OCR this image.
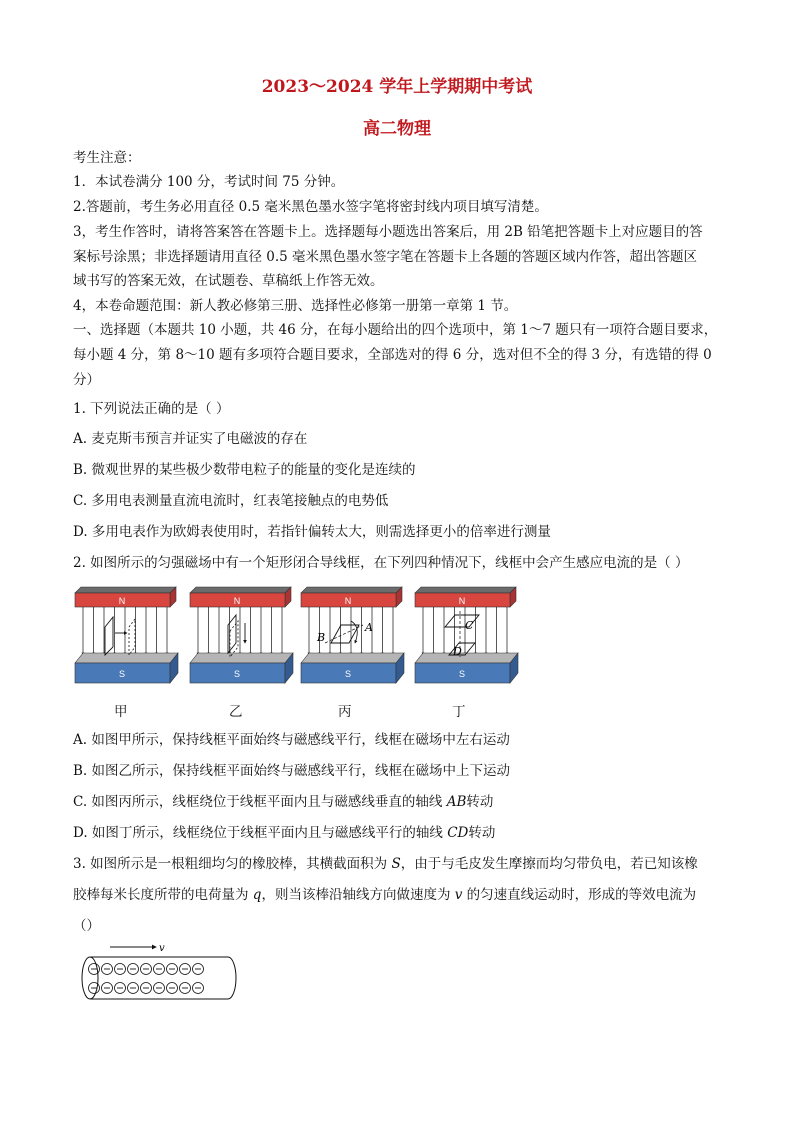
2023～2024 学年上学期期中考试
高二物理
考生注意：
1．本试卷满分 100 分，考试时间 75 分钟。
2.答题前，考生务必用直径 0.5 毫米黑色墨水签字笔将密封线内项目填写清楚。
3，考生作答时，请将答案答在答题卡上。选择题每小题选出答案后，用 2B 铅笔把答题卡上对应题目的答
案标号涂黑；非选择题请用直径 0.5 毫米黑色墨水签字笔在答题卡上各题的答题区域内作答，超出答题区
域书写的答案无效，在试题卷、草稿纸上作答无效。
4，本卷命题范围：新人教必修第三册、选择性必修第一册第一章第 1 节。
一、选择题（本题共 10 小题，共 46 分，在每小题给出的四个选项中，第 1～7 题只有一项符合题目要求，
每小题 4 分，第 8～10 题有多项符合题目要求，全部选对的得 6 分，选对但不全的得 3 分，有选错的得 0
分）
1. 下列说法正确的是（ ）
A. 麦克斯韦预言并证实了电磁波的存在
B. 微观世界的某些极少数带电粒子的能量的变化是连续的
C. 多用电表测量直流电流时，红表笔接触点的电势低
D. 多用电表作为欧姆表使用时，若指针偏转太大，则需选择更小的倍率进行测量
2. 如图所示的匀强磁场中有一个矩形闭合导线框，在下列四种情况下，线框中会产生感应电流的是（ ）
N
S
N
S
N
S
A
B
N
S
C
D
甲	乙	丙	丁
A. 如图甲所示，保持线框平面始终与磁感线平行，线框在磁场中左右运动
B. 如图乙所示，保持线框平面始终与磁感线平行，线框在磁场中上下运动
C. 如图丙所示，线框绕位于线框平面内且与磁感线垂直的轴线 AB转动
D. 如图丁所示，线框绕位于线框平面内且与磁感线平行的轴线 CD转动
3. 如图所示是一根粗细均匀的橡胶棒，其横截面积为 S，由于与毛皮发生摩擦而均匀带负电，若已知该橡
胶棒每米长度所带的电荷量为 q，则当该棒沿轴线方向做速度为 v 的匀速直线运动时，形成的等效电流为
（）
v
